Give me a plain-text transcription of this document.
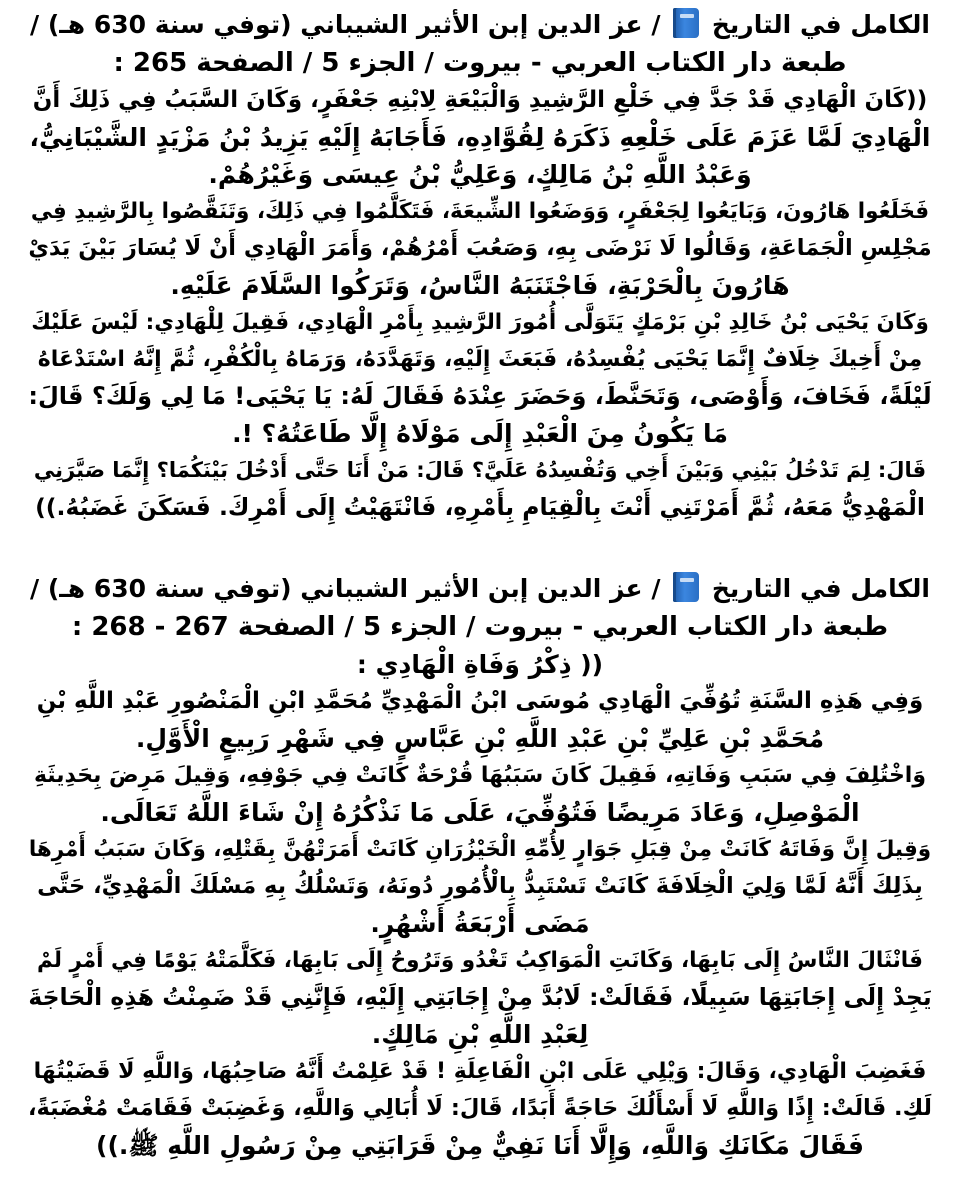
الكامل في التاريخ  / عز الدين إبن الأثير الشيباني (توفي سنة 630 هـ) /
طبعة دار الكتاب العربي - بيروت / الجزء 5 / الصفحة 265 :

((كَانَ الْهَادِي قَدْ جَدَّ فِي خَلْعِ الرَّشِيدِ وَالْبَيْعَةِ لِابْنِهِ جَعْفَرٍ، وَكَانَ السَّبَبُ فِي ذَلِكَ أَنَّ
الْهَادِيَ لَمَّا عَزَمَ عَلَى خَلْعِهِ ذَكَرَهُ لِقُوَّادِهِ، فَأَجَابَهُ إِلَيْهِ يَزِيدُ بْنُ مَزْيَدٍ الشَّيْبَانِيُّ،
وَعَبْدُ اللَّهِ بْنُ مَالِكٍ، وَعَلِيُّ بْنُ عِيسَى وَغَيْرُهُمْ.

فَخَلَعُوا هَارُونَ، وَبَايَعُوا لِجَعْفَرٍ، وَوَضَعُوا الشِّيعَةَ، فَتَكَلَّمُوا فِي ذَلِكَ، وَتَنَقَّصُوا بِالرَّشِيدِ فِي
مَجْلِسِ الْجَمَاعَةِ، وَقَالُوا لَا نَرْضَى بِهِ، وَصَعُبَ أَمْرُهُمْ، وَأَمَرَ الْهَادِي أَنْ لَا يُسَارَ بَيْنَ يَدَيْ
هَارُونَ بِالْحَرْبَةِ، فَاجْتَنَبَهُ النَّاسُ، وَتَرَكُوا السَّلَامَ عَلَيْهِ.

وَكَانَ يَحْيَى بْنُ خَالِدِ بْنِ بَرْمَكٍ يَتَوَلَّى أُمُورَ الرَّشِيدِ بِأَمْرِ الْهَادِي، فَقِيلَ لِلْهَادِي: لَيْسَ عَلَيْكَ
مِنْ أَخِيكَ خِلَافٌ إِنَّمَا يَحْيَى يُفْسِدُهُ، فَبَعَثَ إِلَيْهِ، وَتَهَدَّدَهُ، وَرَمَاهُ بِالْكُفْرِ، ثُمَّ إِنَّهُ اسْتَدْعَاهُ
لَيْلَةً، فَخَافَ، وَأَوْصَى، وَتَحَنَّطَ، وَحَضَرَ عِنْدَهُ فَقَالَ لَهُ: يَا يَحْيَى! مَا لِي وَلَكَ؟ قَالَ:
مَا يَكُونُ مِنَ الْعَبْدِ إِلَى مَوْلَاهُ إِلَّا طَاعَتُهُ؟ !.

قَالَ: لِمَ تَدْخُلُ بَيْنِي وَبَيْنَ أَخِي وَتُفْسِدُهُ عَلَيَّ؟ قَالَ: مَنْ أَنَا حَتَّى أَدْخُلَ بَيْنَكُمَا؟ إِنَّمَا صَيَّرَنِي
الْمَهْدِيُّ مَعَهُ، ثُمَّ أَمَرْتَنِي أَنْتَ بِالْقِيَامِ بِأَمْرِهِ، فَانْتَهَيْتُ إِلَى أَمْرِكَ. فَسَكَنَ غَضَبُهُ.))

الكامل في التاريخ  / عز الدين إبن الأثير الشيباني (توفي سنة 630 هـ) /
طبعة دار الكتاب العربي - بيروت / الجزء 5 / الصفحة 267 - 268 :

(( ذِكْرُ وَفَاةِ الْهَادِي :

وَفِي هَذِهِ السَّنَةِ تُوُفِّيَ الْهَادِي مُوسَى ابْنُ الْمَهْدِيِّ مُحَمَّدِ ابْنِ الْمَنْصُورِ عَبْدِ اللَّهِ بْنِ
مُحَمَّدِ بْنِ عَلِيِّ بْنِ عَبْدِ اللَّهِ بْنِ عَبَّاسٍ فِي شَهْرِ رَبِيعٍ الْأَوَّلِ.

وَاخْتُلِفَ فِي سَبَبِ وَفَاتِهِ، فَقِيلَ كَانَ سَبَبُهَا قُرْحَةٌ كَانَتْ فِي جَوْفِهِ، وَقِيلَ مَرِضَ بِحَدِيثَةِ
الْمَوْصِلِ، وَعَادَ مَرِيضًا فَتُوُفِّيَ، عَلَى مَا نَذْكُرُهُ إِنْ شَاءَ اللَّهُ تَعَالَى.

وَقِيلَ إِنَّ وَفَاتَهُ كَانَتْ مِنْ قِبَلِ جَوَارٍ لِأُمِّهِ الْخَيْزُرَانِ كَانَتْ أَمَرَتْهُنَّ بِقَتْلِهِ، وَكَانَ سَبَبُ أَمْرِهَا
بِذَلِكَ أَنَّهُ لَمَّا وَلِيَ الْخِلَافَةَ كَانَتْ تَسْتَبِدُّ بِالْأُمُورِ دُونَهُ، وَتَسْلُكُ بِهِ مَسْلَكَ الْمَهْدِيِّ، حَتَّى
مَضَى أَرْبَعَةُ أَشْهُرٍ.

فَانْثَالَ النَّاسُ إِلَى بَابِهَا، وَكَانَتِ الْمَوَاكِبُ تَغْدُو وَتَرُوحُ إِلَى بَابِهَا، فَكَلَّمَتْهُ يَوْمًا فِي أَمْرٍ لَمْ
يَجِدْ إِلَى إِجَابَتِهَا سَبِيلًا، فَقَالَتْ: لَابُدَّ مِنْ إِجَابَتِي إِلَيْهِ، فَإِنَّنِي قَدْ ضَمِنْتُ هَذِهِ الْحَاجَةَ
لِعَبْدِ اللَّهِ بْنِ مَالِكٍ.

فَغَضِبَ الْهَادِي، وَقَالَ: وَيْلِي عَلَى ابْنِ الْفَاعِلَةِ ! قَدْ عَلِمْتُ أَنَّهُ صَاحِبُهَا، وَاللَّهِ لَا قَضَيْتُهَا
لَكِ. قَالَتْ: إِذًا وَاللَّهِ لَا أَسْأَلُكَ حَاجَةً أَبَدًا، قَالَ: لَا أُبَالِي وَاللَّهِ، وَغَضِبَتْ فَقَامَتْ مُغْضَبَةً،
فَقَالَ مَكَانَكِ وَاللَّهِ، وَإِلَّا أَنَا نَفِيٌّ مِنْ قَرَابَتِي مِنْ رَسُولِ اللَّهِ ﷺ.))
